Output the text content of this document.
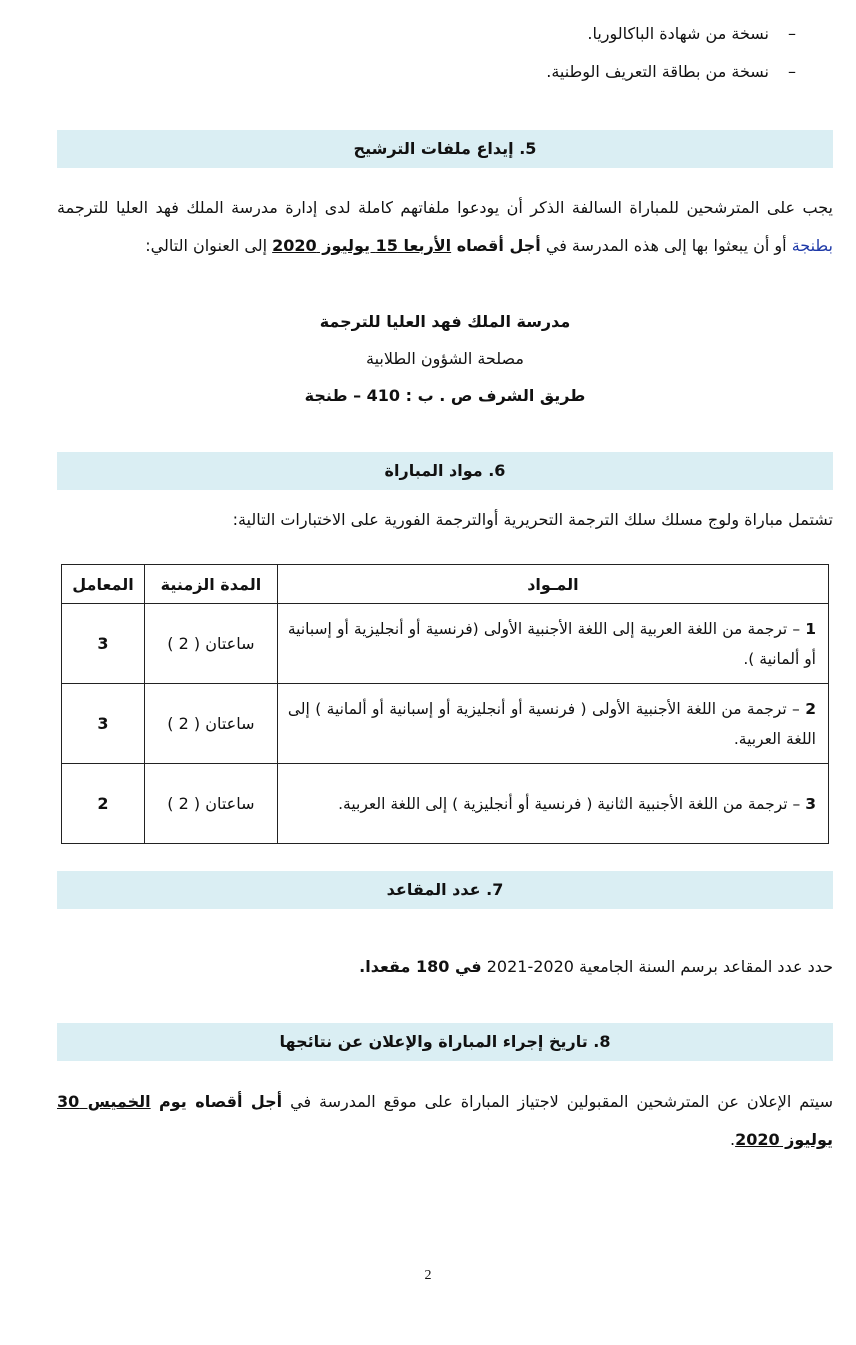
–نسخة من شهادة الباكالوريا.
–نسخة من بطاقة التعريف الوطنية.
5. إيداع ملفات الترشيح
يجب على المترشحين للمباراة السالفة الذكر أن يودعوا ملفاتهم كاملة لدى إدارة مدرسة الملك فهد العليا للترجمة بطنجة أو أن يبعثوا بها إلى هذه المدرسة في أجل أقصاه الأربعا 15 يوليوز 2020 إلى العنوان التالي:
مدرسة الملك فهد العليا للترجمة
مصلحة الشؤون الطلابية
طريق الشرف ص . ب : 410 – طنجة
6. مواد المباراة
تشتمل مباراة ولوج مسلك سلك الترجمة التحريرية أوالترجمة الفورية على الاختبارات التالية:
المـواد	المدة الزمنية	المعامل
1 – ترجمة من اللغة العربية إلى اللغة الأجنبية الأولى (فرنسية أو أنجليزية أو إسبانية أو ألمانية ).	ساعتان ( 2 )	3
2 – ترجمة من اللغة الأجنبية الأولى ( فرنسية أو أنجليزية أو إسبانية أو ألمانية ) إلى اللغة العربية.	ساعتان ( 2 )	3
3 – ترجمة من اللغة الأجنبية الثانية ( فرنسية أو أنجليزية ) إلى اللغة العربية.	ساعتان ( 2 )	2
7. عدد المقاعد
حدد عدد المقاعد برسم السنة الجامعية 2020-2021 في 180 مقعدا.
8. تاريخ إجراء المباراة والإعلان عن نتائجها
سيتم الإعلان عن المترشحين المقبولين لاجتياز المباراة على موقع المدرسة في أجل أقصاه يوم الخميس 30 يوليوز 2020.
2
